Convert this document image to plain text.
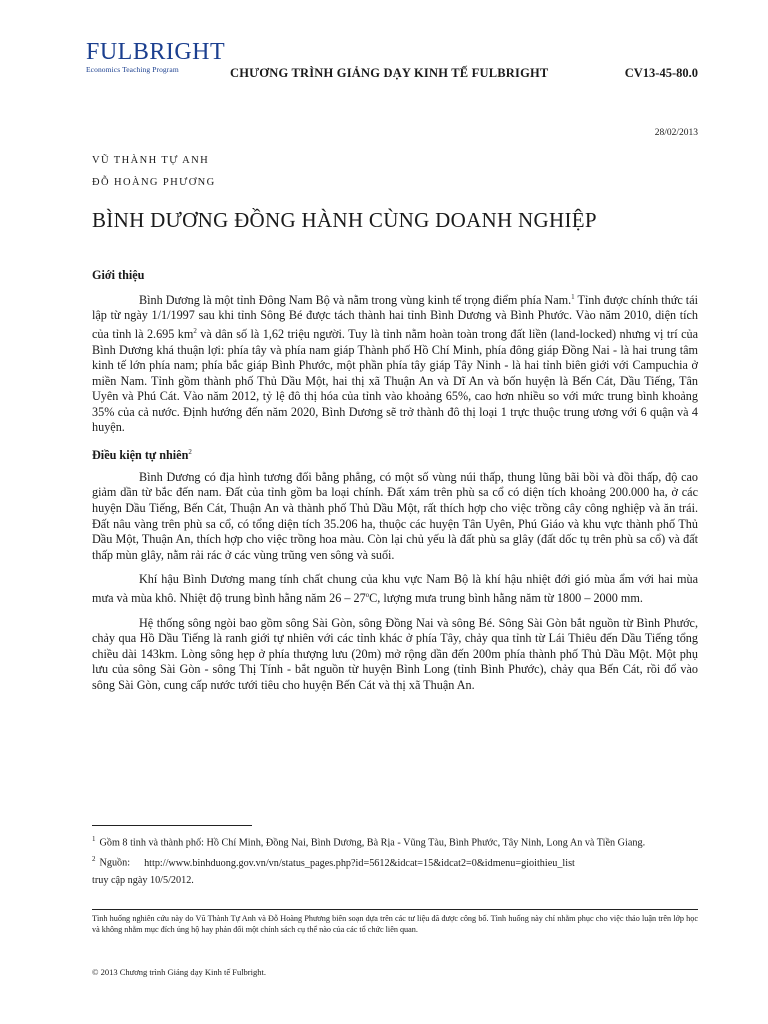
FULBRIGHT
Economics Teaching Program	CHƯƠNG TRÌNH GIẢNG DẠY KINH TẾ FULBRIGHT	CV13-45-80.0
28/02/2013
VŨ THÀNH TỰ ANH
ĐỖ HOÀNG PHƯƠNG
BÌNH DƯƠNG ĐỒNG HÀNH CÙNG DOANH NGHIỆP
Giới thiệu

Bình Dương là một tỉnh Đông Nam Bộ và nằm trong vùng kinh tế trọng điểm phía Nam.$^1$ Tỉnh được chính thức tái lập từ ngày 1/1/1997 sau khi tỉnh Sông Bé được tách thành hai tỉnh Bình Dương và Bình Phước. Vào năm 2010, diện tích của tỉnh là 2.695 $km^2$ và dân số là 1,62 triệu người. Tuy là tỉnh nằm hoàn toàn trong đất liền (land-locked) nhưng vị trí của Bình Dương khá thuận lợi: phía tây và phía nam giáp Thành phố Hồ Chí Minh, phía đông giáp Đồng Nai - là hai trung tâm kinh tế lớn phía nam; phía bắc giáp Bình Phước, một phần phía tây giáp Tây Ninh - là hai tỉnh biên giới với Campuchia ở miền Nam. Tỉnh gồm thành phố Thủ Dầu Một, hai thị xã Thuận An và Dĩ An và bốn huyện là Bến Cát, Dầu Tiếng, Tân Uyên và Phú Cát. Vào năm 2012, tỷ lệ đô thị hóa của tỉnh vào khoảng 65%, cao hơn nhiều so với mức trung bình khoảng 35% của cả nước. Định hướng đến năm 2020, Bình Dương sẽ trở thành đô thị loại 1 trực thuộc trung ương với 6 quận và 4 huyện.

Điều kiện tự nhiên$^2$

Bình Dương có địa hình tương đối bằng phẳng, có một số vùng núi thấp, thung lũng bãi bồi và đồi thấp, độ cao giảm dần từ bắc đến nam. Đất của tỉnh gồm ba loại chính. Đất xám trên phù sa cổ có diện tích khoảng 200.000 ha, ở các huyện Dầu Tiếng, Bến Cát, Thuận An và thành phố Thủ Dầu Một, rất thích hợp cho việc trồng cây công nghiệp và ăn trái. Đất nâu vàng trên phù sa cổ, có tổng diện tích 35.206 ha, thuộc các huyện Tân Uyên, Phú Giáo và khu vực thành phố Thủ Dầu Một, Thuận An, thích hợp cho việc trồng hoa màu. Còn lại chủ yếu là đất phù sa glây (đất dốc tụ trên phù sa cổ) và đất thấp mùn glây, nằm rải rác ở các vùng trũng ven sông và suối.

Khí hậu Bình Dương mang tính chất chung của khu vực Nam Bộ là khí hậu nhiệt đới gió mùa ẩm với hai mùa mưa và mùa khô. Nhiệt độ trung bình hằng năm 26 – 27$^o$C, lượng mưa trung bình hằng năm từ 1800 – 2000 mm.

Hệ thống sông ngòi bao gồm sông Sài Gòn, sông Đồng Nai và sông Bé. Sông Sài Gòn bắt nguồn từ Bình Phước, chảy qua Hồ Dầu Tiếng là ranh giới tự nhiên với các tỉnh khác ở phía Tây, chảy qua tỉnh từ Lái Thiêu đến Dầu Tiếng tổng chiều dài 143km. Lòng sông hẹp ở phía thượng lưu (20m) mở rộng dần đến 200m phía thành phố Thủ Dầu Một. Một phụ lưu của sông Sài Gòn - sông Thị Tính - bắt nguồn từ huyện Bình Long (tỉnh Bình Phước), chảy qua Bến Cát, rồi đổ vào sông Sài Gòn, cung cấp nước tưới tiêu cho huyện Bến Cát và thị xã Thuận An.

$^1$ Gồm 8 tỉnh và thành phố: Hồ Chí Minh, Đồng Nai, Bình Dương, Bà Rịa - Vũng Tàu, Bình Phước, Tây Ninh, Long An và Tiền Giang.

$^2$ Nguồn: http://www.binhduong.gov.vn/vn/status_pages.php?id=5612&idcat=15&idcat2=0&idmenu=gioithieu_list

truy cập ngày 10/5/2012.

Tình huống nghiên cứu này do Vũ Thành Tự Anh và Đỗ Hoàng Phương biên soạn dựa trên các tư liệu đã được công bố. Tình huống này chỉ nhằm phục cho việc thảo luận trên lớp học và không nhằm mục đích ủng hộ hay phản đối một chính sách cụ thể nào của các tổ chức liên quan.
© 2013 Chương trình Giảng dạy Kinh tế Fulbright.
